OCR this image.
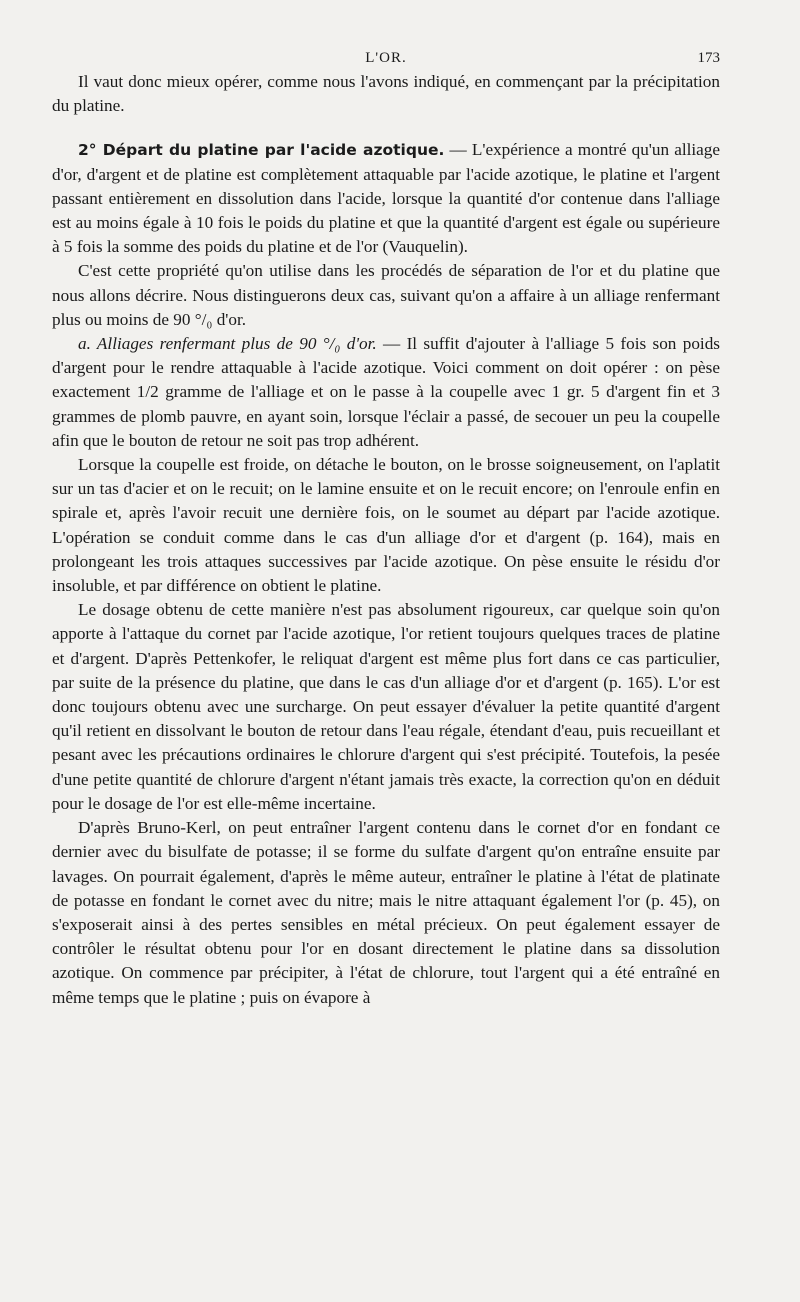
L'OR.	173

Il vaut donc mieux opérer, comme nous l'avons indiqué, en commençant par la précipitation du platine.

2° Départ du platine par l'acide azotique. — L'expérience a montré qu'un alliage d'or, d'argent et de platine est complètement attaquable par l'acide azotique, le platine et l'argent passant entièrement en dissolution dans l'acide, lorsque la quantité d'or contenue dans l'alliage est au moins égale à 10 fois le poids du platine et que la quantité d'argent est égale ou supérieure à 5 fois la somme des poids du platine et de l'or (Vauquelin).

C'est cette propriété qu'on utilise dans les procédés de séparation de l'or et du platine que nous allons décrire. Nous distinguerons deux cas, suivant qu'on a affaire à un alliage renfermant plus ou moins de 90 °/₀ d'or.

a. Alliages renfermant plus de 90 °/₀ d'or. — Il suffit d'ajouter à l'alliage 5 fois son poids d'argent pour le rendre attaquable à l'acide azotique. Voici comment on doit opérer : on pèse exactement 1/2 gramme de l'alliage et on le passe à la coupelle avec 1 gr. 5 d'argent fin et 3 grammes de plomb pauvre, en ayant soin, lorsque l'éclair a passé, de secouer un peu la coupelle afin que le bouton de retour ne soit pas trop adhérent.

Lorsque la coupelle est froide, on détache le bouton, on le brosse soigneusement, on l'aplatit sur un tas d'acier et on le recuit; on le lamine ensuite et on le recuit encore; on l'enroule enfin en spirale et, après l'avoir recuit une dernière fois, on le soumet au départ par l'acide azotique. L'opération se conduit comme dans le cas d'un alliage d'or et d'argent (p. 164), mais en prolongeant les trois attaques successives par l'acide azotique. On pèse ensuite le résidu d'or insoluble, et par différence on obtient le platine.

Le dosage obtenu de cette manière n'est pas absolument rigoureux, car quelque soin qu'on apporte à l'attaque du cornet par l'acide azotique, l'or retient toujours quelques traces de platine et d'argent. D'après Pettenkofer, le reliquat d'argent est même plus fort dans ce cas particulier, par suite de la présence du platine, que dans le cas d'un alliage d'or et d'argent (p. 165). L'or est donc toujours obtenu avec une surcharge. On peut essayer d'évaluer la petite quantité d'argent qu'il retient en dissolvant le bouton de retour dans l'eau régale, étendant d'eau, puis recueillant et pesant avec les précautions ordinaires le chlorure d'argent qui s'est précipité. Toutefois, la pesée d'une petite quantité de chlorure d'argent n'étant jamais très exacte, la correction qu'on en déduit pour le dosage de l'or est elle-même incertaine.

D'après Bruno-Kerl, on peut entraîner l'argent contenu dans le cornet d'or en fondant ce dernier avec du bisulfate de potasse; il se forme du sulfate d'argent qu'on entraîne ensuite par lavages. On pourrait également, d'après le même auteur, entraîner le platine à l'état de platinate de potasse en fondant le cornet avec du nitre; mais le nitre attaquant également l'or (p. 45), on s'exposerait ainsi à des pertes sensibles en métal précieux. On peut également essayer de contrôler le résultat obtenu pour l'or en dosant directement le platine dans sa dissolution azotique. On commence par précipiter, à l'état de chlorure, tout l'argent qui a été entraîné en même temps que le platine ; puis on évapore à
